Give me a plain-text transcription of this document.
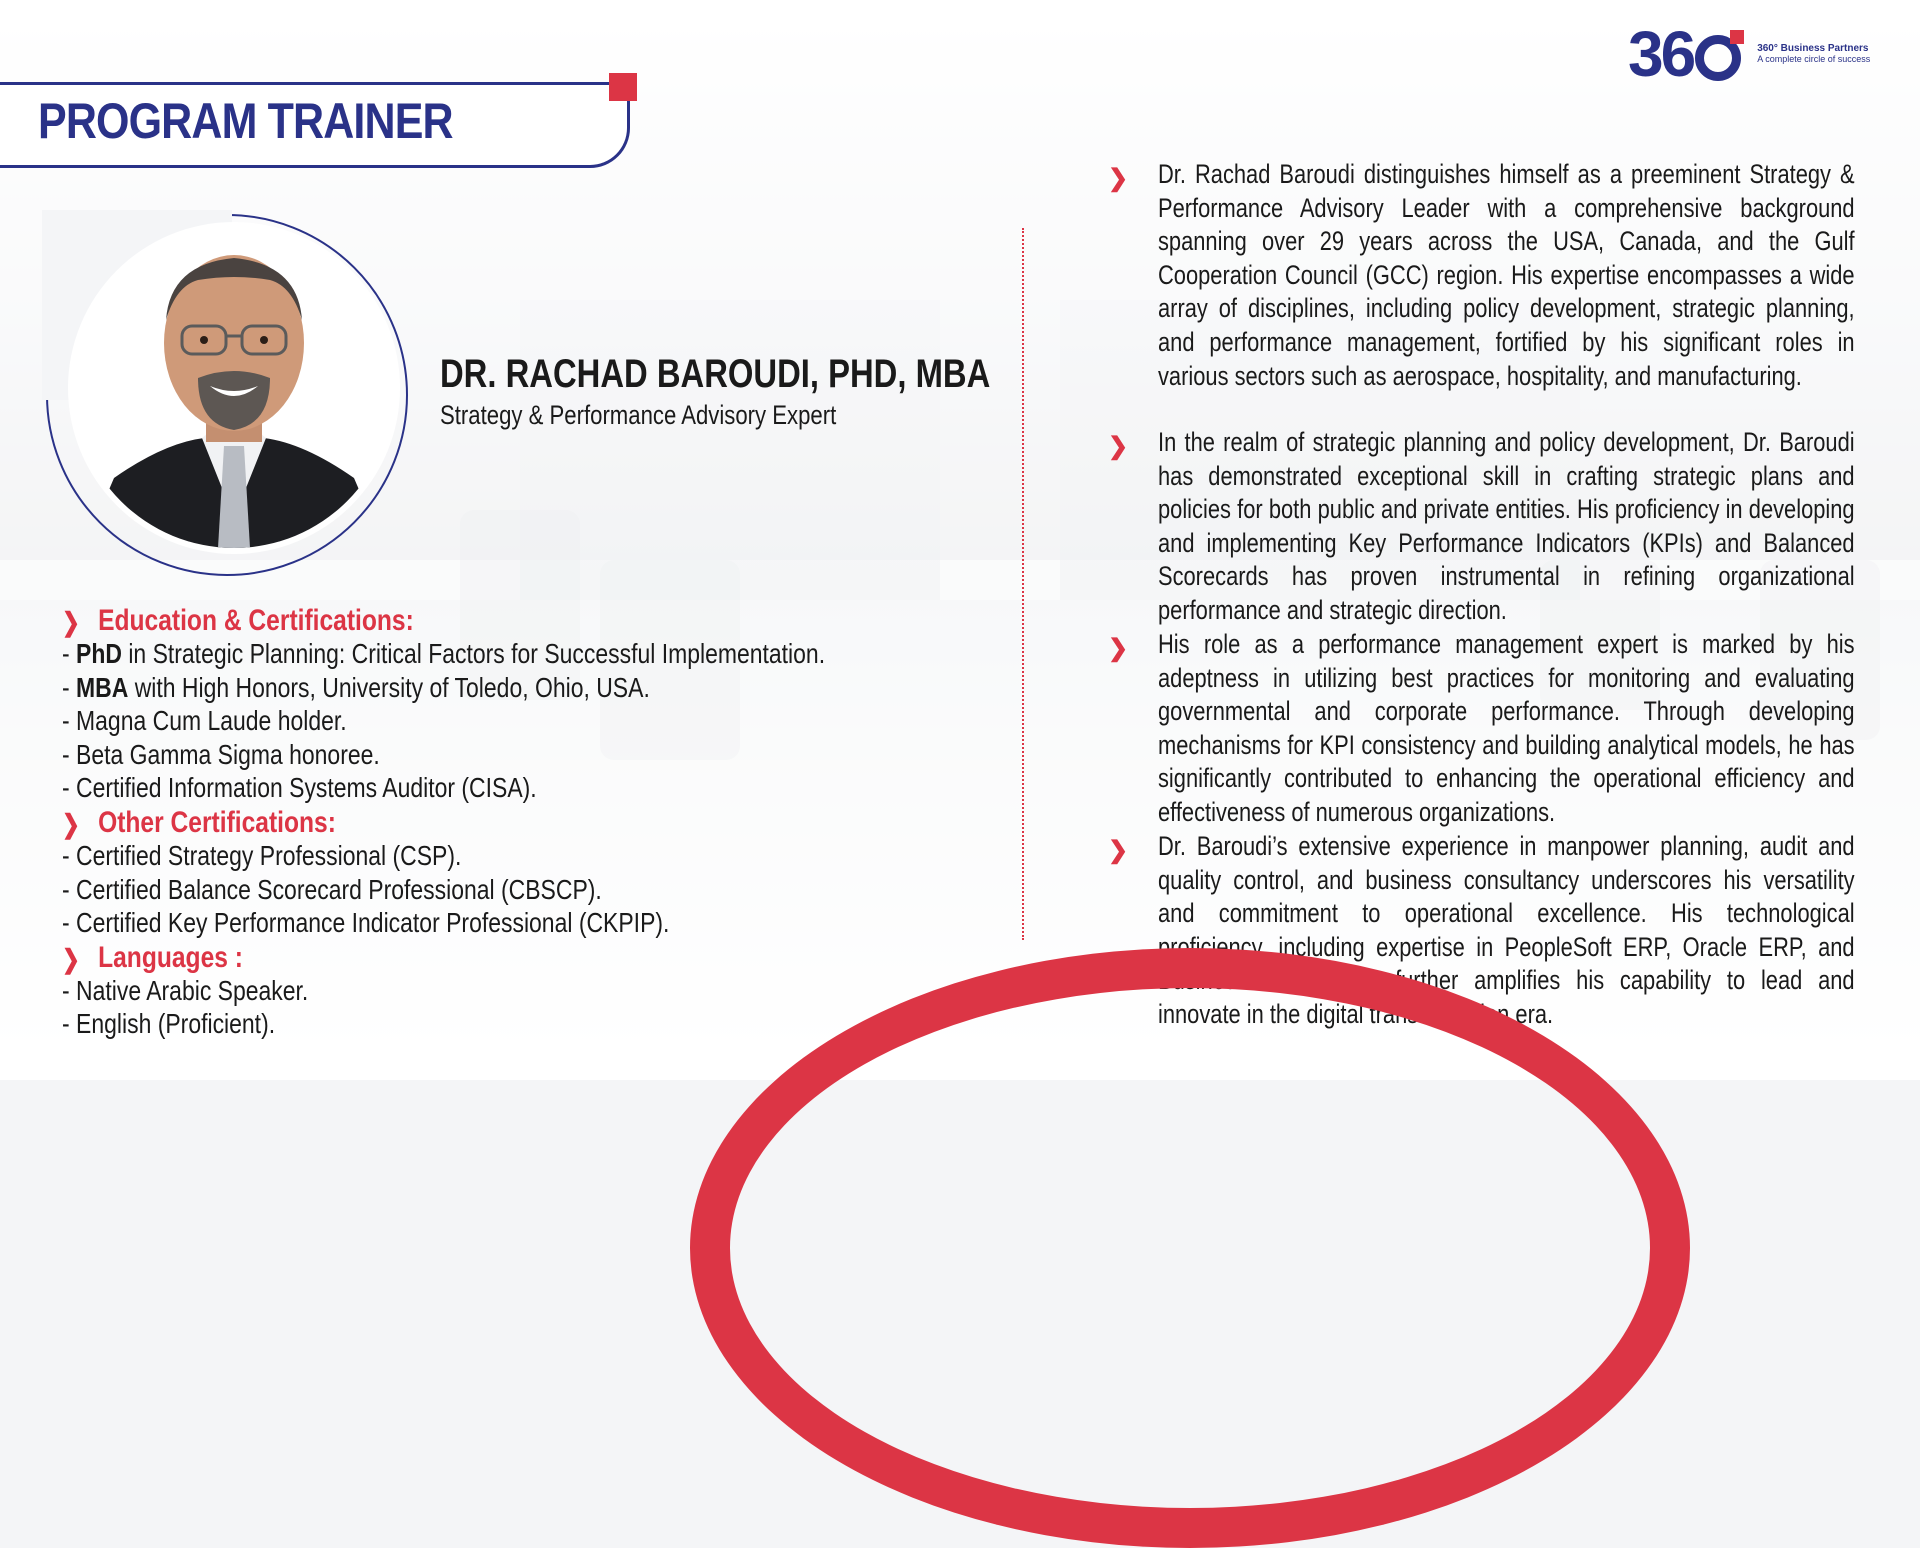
36	360° Business Partners
A complete circle of success
PROGRAM TRAINER
DR. RACHAD BAROUDI, PHD, MBA
Strategy & Performance Advisory Expert
❯ Education & Certifications:
- PhD in Strategic Planning: Critical Factors for Successful Implementation.
- MBA with High Honors, University of Toledo, Ohio, USA.
- Magna Cum Laude holder.
- Beta Gamma Sigma honoree.
- Certified Information Systems Auditor (CISA).
❯ Other Certifications:
- Certified Strategy Professional (CSP).
- Certified Balance Scorecard Professional (CBSCP).
- Certified Key Performance Indicator Professional (CKPIP).
❯ Languages :
- Native Arabic Speaker.
- English (Proficient).
❯ Dr. Rachad Baroudi distinguishes himself as a preeminent Strategy & Performance Advisory Leader with a comprehensive background spanning over 29 years across the USA, Canada, and the Gulf Cooperation Council (GCC) region. His expertise encompasses a wide array of disciplines, including policy development, strategic planning, and performance management, fortified by his significant roles in various sectors such as aerospace, hospitality, and manufacturing.
❯ In the realm of strategic planning and policy development, Dr. Baroudi has demonstrated exceptional skill in crafting strategic plans and policies for both public and private entities. His proficiency in developing and implementing Key Performance Indicators (KPIs) and Balanced Scorecards has proven instrumental in refining organizational performance and strategic direction.
❯ His role as a performance management expert is marked by his adeptness in utilizing best practices for monitoring and evaluating governmental and corporate performance. Through developing mechanisms for KPI consistency and building analytical models, he has significantly contributed to enhancing the operational efficiency and effectiveness of numerous organizations.
❯ Dr. Baroudi’s extensive experience in manpower planning, audit and quality control, and business consultancy underscores his versatility and commitment to operational excellence. His technological proficiency, including expertise in PeopleSoft ERP, Oracle ERP, and Business Intelligence, further amplifies his capability to lead and innovate in the digital transformation era.
